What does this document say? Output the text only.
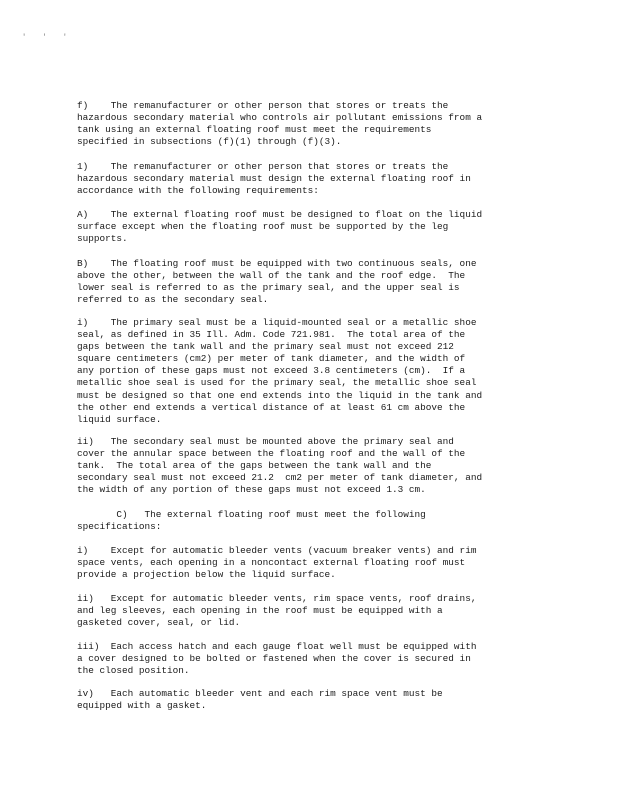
' ' '

f)    The remanufacturer or other person that stores or treats the
hazardous secondary material who controls air pollutant emissions from a
tank using an external floating roof must meet the requirements
specified in subsections (f)(1) through (f)(3).

1)    The remanufacturer or other person that stores or treats the
hazardous secondary material must design the external floating roof in
accordance with the following requirements:

A)    The external floating roof must be designed to float on the liquid
surface except when the floating roof must be supported by the leg
supports.

B)    The floating roof must be equipped with two continuous seals, one
above the other, between the wall of the tank and the roof edge.  The
lower seal is referred to as the primary seal, and the upper seal is
referred to as the secondary seal.

i)    The primary seal must be a liquid-mounted seal or a metallic shoe
seal, as defined in 35 Ill. Adm. Code 721.981.  The total area of the
gaps between the tank wall and the primary seal must not exceed 212
square centimeters (cm2) per meter of tank diameter, and the width of
any portion of these gaps must not exceed 3.8 centimeters (cm).  If a
metallic shoe seal is used for the primary seal, the metallic shoe seal
must be designed so that one end extends into the liquid in the tank and
the other end extends a vertical distance of at least 61 cm above the
liquid surface.

ii)   The secondary seal must be mounted above the primary seal and
cover the annular space between the floating roof and the wall of the
tank.  The total area of the gaps between the tank wall and the
secondary seal must not exceed 21.2  cm2 per meter of tank diameter, and
the width of any portion of these gaps must not exceed 1.3 cm.

C)   The external floating roof must meet the following
specifications:

i)    Except for automatic bleeder vents (vacuum breaker vents) and rim
space vents, each opening in a noncontact external floating roof must
provide a projection below the liquid surface.

ii)   Except for automatic bleeder vents, rim space vents, roof drains,
and leg sleeves, each opening in the roof must be equipped with a
gasketed cover, seal, or lid.

iii)  Each access hatch and each gauge float well must be equipped with
a cover designed to be bolted or fastened when the cover is secured in
the closed position.

iv)   Each automatic bleeder vent and each rim space vent must be
equipped with a gasket.
